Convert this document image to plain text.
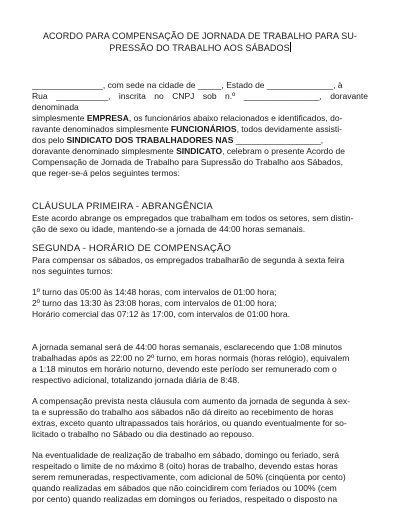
ACORDO PARA COMPENSAÇÃO DE JORNADA DE TRABALHO PARA SU-
PRESSÃO DO TRABALHO AOS SÁBADOS
_______________, com sede na cidade de _____, Estado de ______________, à
Rua ___________, inscrita no CNPJ sob n.º ________________, doravante denominada
simplesmente EMPRESA, os funcionários abaixo relacionados e identificados, do-
ravante denominados simplesmente FUNCIONÁRIOS, todos devidamente assisti-
dos pelo SINDICATO DOS TRABALHADORES NAS __________________,
doravante denominado simplesmente SINDICATO, celebram o presente Acordo de
Compensação de Jornada de Trabalho para Supressão do Trabalho aos Sábados,
que reger-se-á pelos seguintes termos:
CLÁUSULA PRIMEIRA - ABRANGÊNCIA
Este acordo abrange os empregados que trabalham em todos os setores, sem distin-
ção de sexo ou idade, mantendo-se a jornada de 44:00 horas semanais.
SEGUNDA - HORÁRIO DE COMPENSAÇÃO
Para compensar os sábados, os empregados trabalharão de segunda à sexta feira
nos seguintes turnos:
1º turno das 05:00 às 14:48 horas, com intervalos de 01:00 hora;
2º turno das 13:30 às 23:08 horas, com intervalos de 01:00 hora;
Horário comercial das 07:12 às 17:00, com intervalos de 01:00 hora.
A jornada semanal será de 44:00 horas semanais, esclarecendo que 1:08 minutos
trabalhadas após as 22:00 no 2º turno, em horas normais (horas relógio), equivalem
a 1:18 minutos em horário noturno, devendo este período ser remunerado com o
respectivo adicional, totalizando jornada diária de 8:48.
A compensação prevista nesta cláusula com aumento da jornada de segunda à sex-
ta e supressão do trabalho aos sábados não dá direito ao recebimento de horas
extras, exceto quanto ultrapassados tais horários, ou quando eventualmente for so-
licitado o trabalho no Sábado ou dia destinado ao repouso.
Na eventualidade de realização de trabalho em sábado, domingo ou feriado, será
respeitado o limite de no máximo 8 (oito) horas de trabalho, devendo estas horas
serem remuneradas, respectivamente, com adicional de 50% (cinqüenta por cento)
quando realizadas em sábados que não coincidirem com feriados ou 100% (cem
por cento) quando realizadas em domingos ou feriados, respeitado o disposto na
